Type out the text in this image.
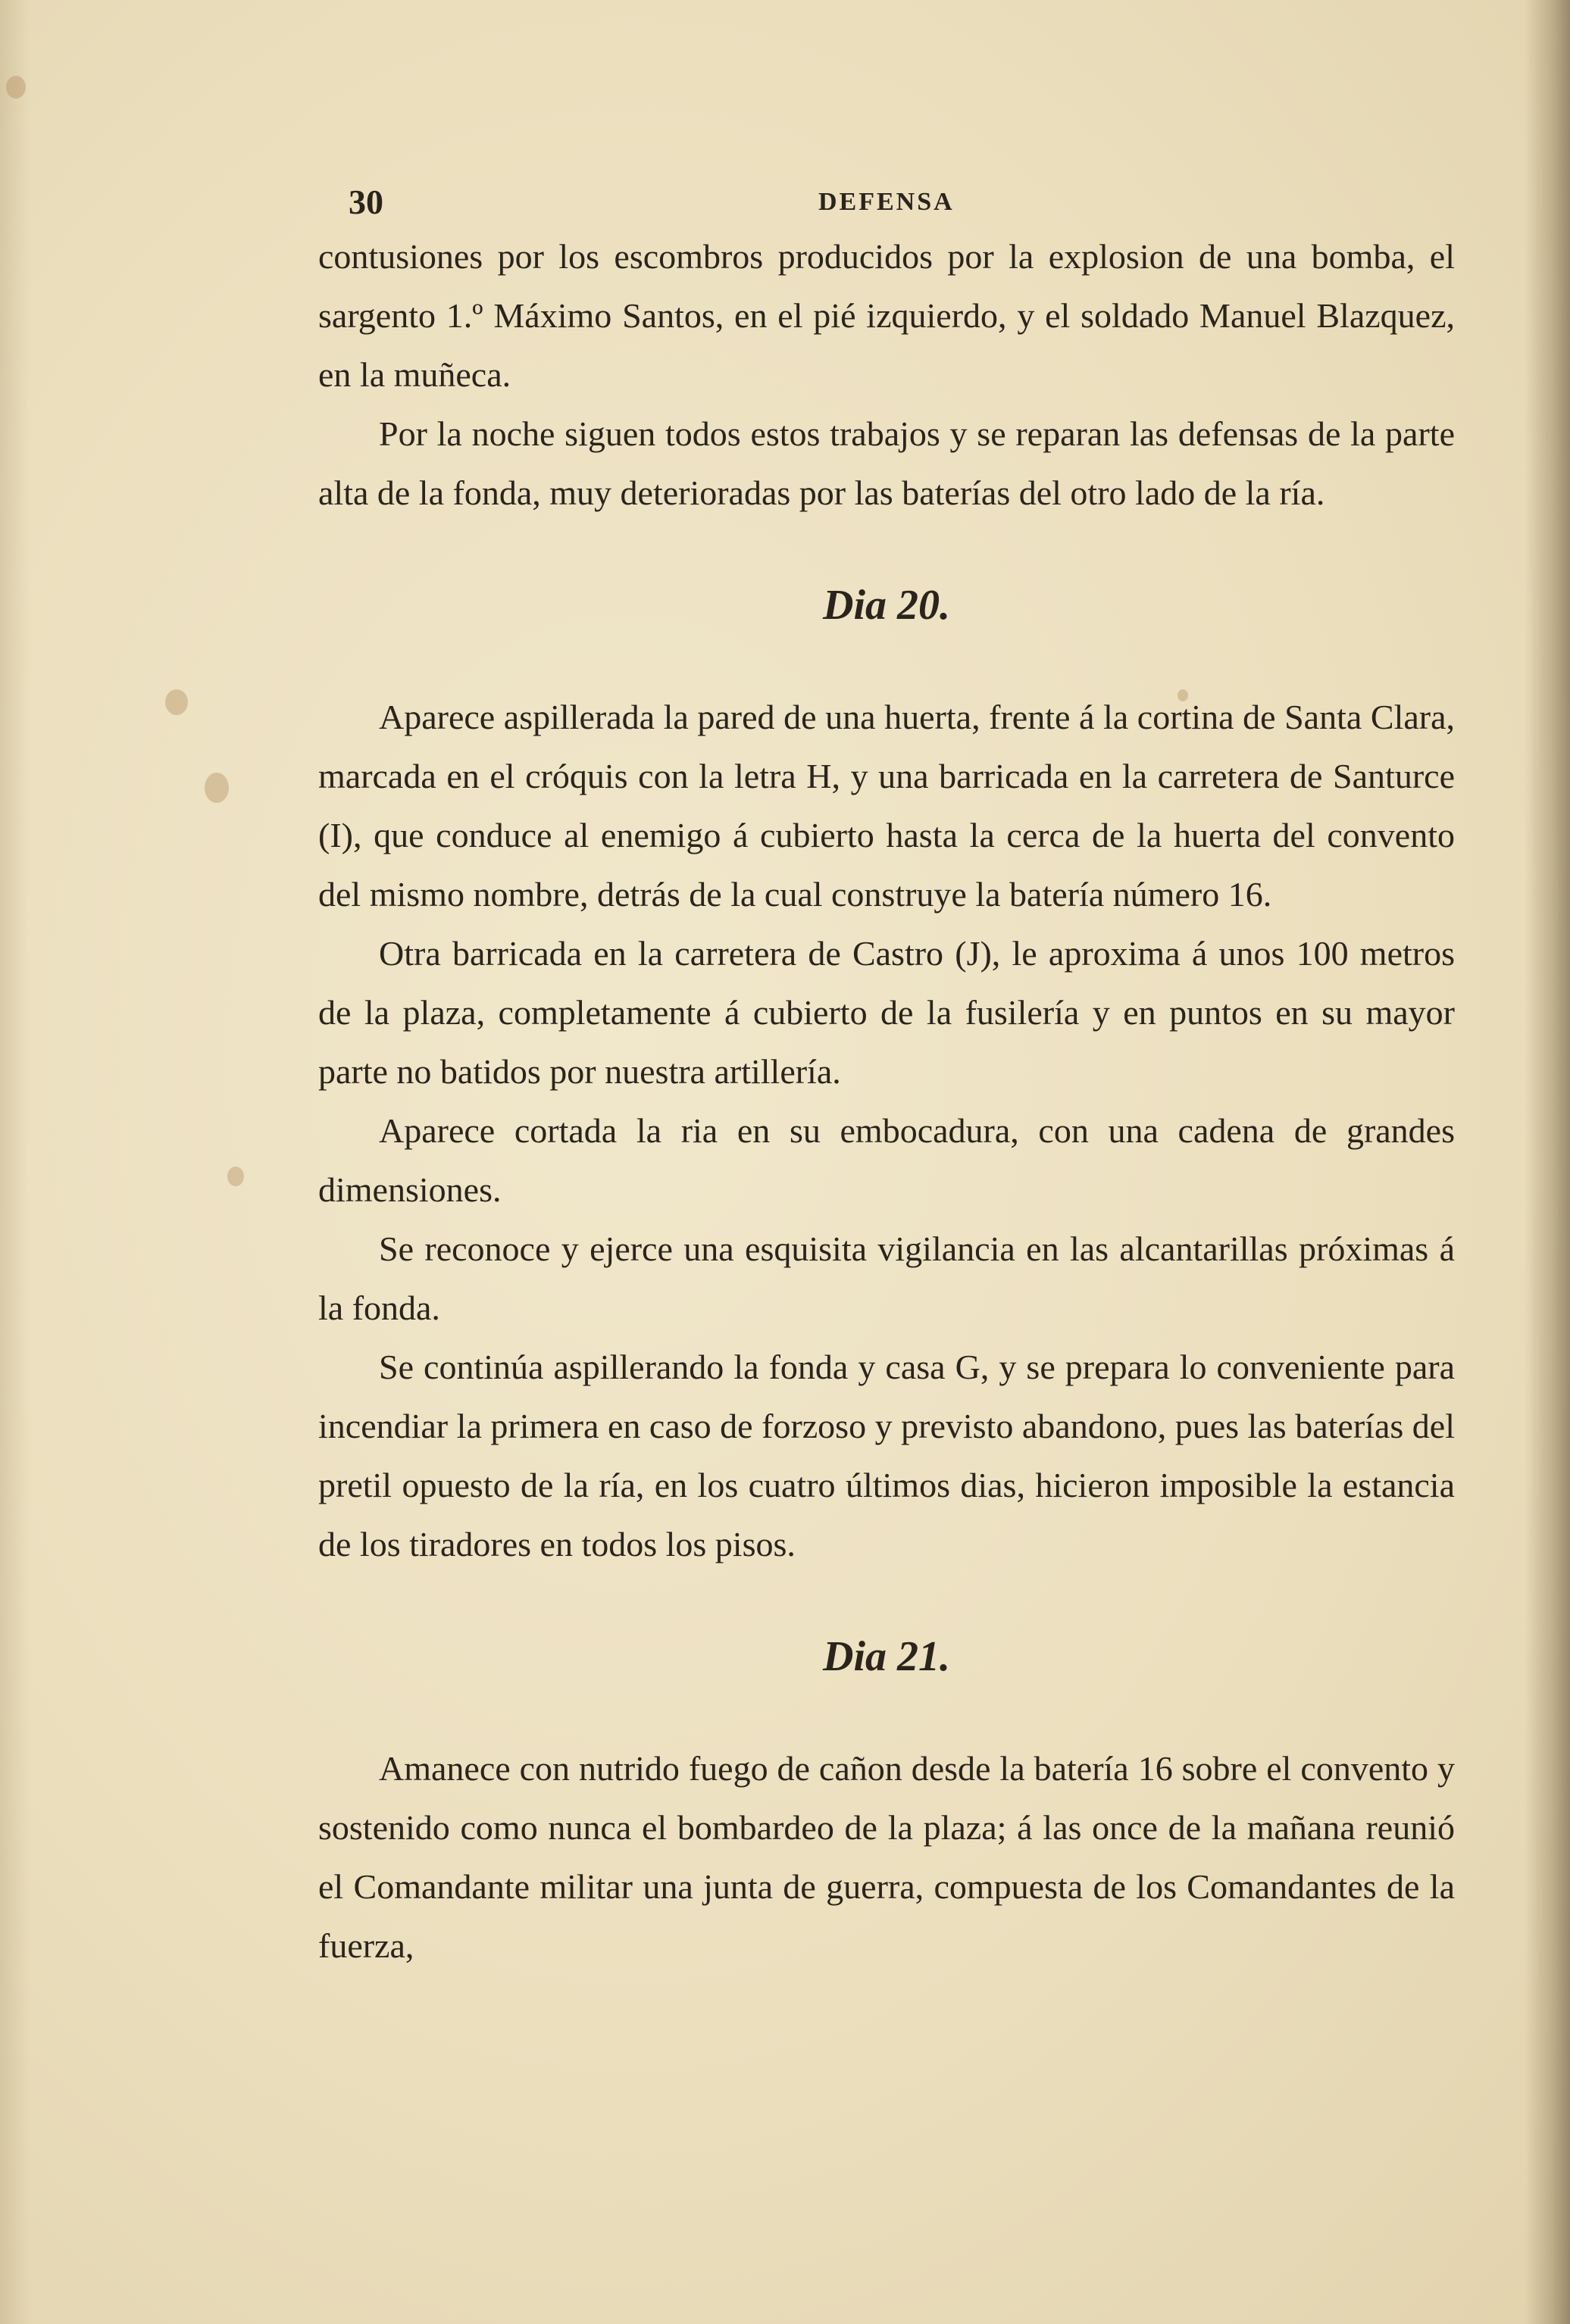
30	DEFENSA

contusiones por los escombros producidos por la explosion de una bomba, el sargento 1.º Máximo Santos, en el pié izquierdo, y el soldado Manuel Blazquez, en la muñeca.

Por la noche siguen todos estos trabajos y se reparan las defensas de la parte alta de la fonda, muy deterioradas por las baterías del otro lado de la ría.

Dia 20.

Aparece aspillerada la pared de una huerta, frente á la cortina de Santa Clara, marcada en el cróquis con la letra H, y una barricada en la carretera de Santurce (I), que conduce al enemigo á cubierto hasta la cerca de la huerta del convento del mismo nombre, detrás de la cual construye la batería número 16.

Otra barricada en la carretera de Castro (J), le aproxima á unos 100 metros de la plaza, completamente á cubierto de la fusilería y en puntos en su mayor parte no batidos por nuestra artillería.

Aparece cortada la ria en su embocadura, con una cadena de grandes dimensiones.

Se reconoce y ejerce una esquisita vigilancia en las alcantarillas próximas á la fonda.

Se continúa aspillerando la fonda y casa G, y se prepara lo conveniente para incendiar la primera en caso de forzoso y previsto abandono, pues las baterías del pretil opuesto de la ría, en los cuatro últimos dias, hicieron imposible la estancia de los tiradores en todos los pisos.

Dia 21.

Amanece con nutrido fuego de cañon desde la batería 16 sobre el convento y sostenido como nunca el bombardeo de la plaza; á las once de la mañana reunió el Comandante militar una junta de guerra, compuesta de los Comandantes de la fuerza,
